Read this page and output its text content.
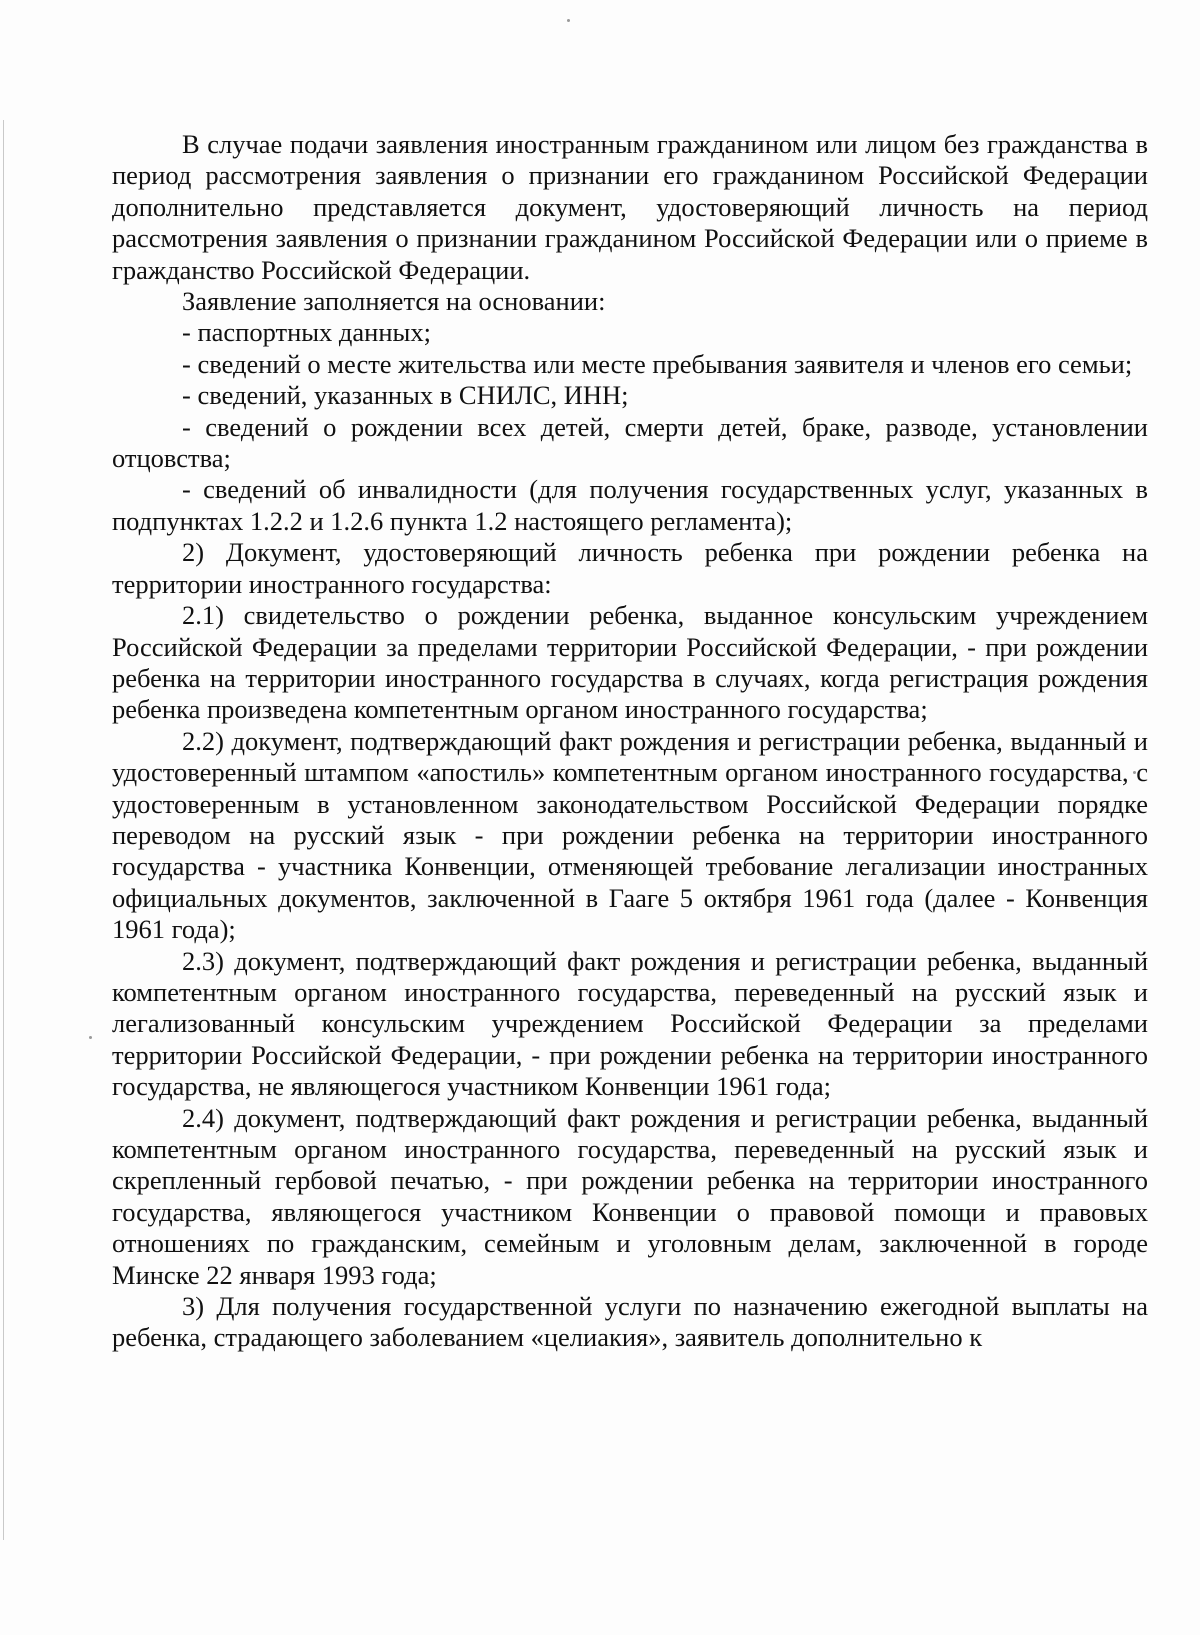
В случае подачи заявления иностранным гражданином или лицом без гражданства в период рассмотрения заявления о признании его гражданином Российской Федерации дополнительно представляется документ, удостоверяющий личность на период рассмотрения заявления о признании гражданином Российской Федерации или о приеме в гражданство Российской Федерации.

Заявление заполняется на основании:

- паспортных данных;

- сведений о месте жительства или месте пребывания заявителя и членов его семьи;

- сведений, указанных в СНИЛС, ИНН;

- сведений о рождении всех детей, смерти детей, браке, разводе, установлении отцовства;

- сведений об инвалидности (для получения государственных услуг, указанных в подпунктах 1.2.2 и 1.2.6 пункта 1.2 настоящего регламента);

2) Документ, удостоверяющий личность ребенка при рождении ребенка на территории иностранного государства:

2.1) свидетельство о рождении ребенка, выданное консульским учреждением Российской Федерации за пределами территории Российской Федерации, - при рождении ребенка на территории иностранного государства в случаях, когда регистрация рождения ребенка произведена компетентным органом иностранного государства;

2.2) документ, подтверждающий факт рождения и регистрации ребенка, выданный и удостоверенный штампом «апостиль» компетентным органом иностранного государства, с удостоверенным в установленном законодательством Российской Федерации порядке переводом на русский язык - при рождении ребенка на территории иностранного государства - участника Конвенции, отменяющей требование легализации иностранных официальных документов, заключенной в Гааге 5 октября 1961 года (далее - Конвенция 1961 года);

2.3) документ, подтверждающий факт рождения и регистрации ребенка, выданный компетентным органом иностранного государства, переведенный на русский язык и легализованный консульским учреждением Российской Федерации за пределами территории Российской Федерации, - при рождении ребенка на территории иностранного государства, не являющегося участником Конвенции 1961 года;

2.4) документ, подтверждающий факт рождения и регистрации ребенка, выданный компетентным органом иностранного государства, переведенный на русский язык и скрепленный гербовой печатью, - при рождении ребенка на территории иностранного государства, являющегося участником Конвенции о правовой помощи и правовых отношениях по гражданским, семейным и уголовным делам, заключенной в городе Минске 22 января 1993 года;

3) Для получения государственной услуги по назначению ежегодной выплаты на ребенка, страдающего заболеванием «целиакия», заявитель дополнительно к
